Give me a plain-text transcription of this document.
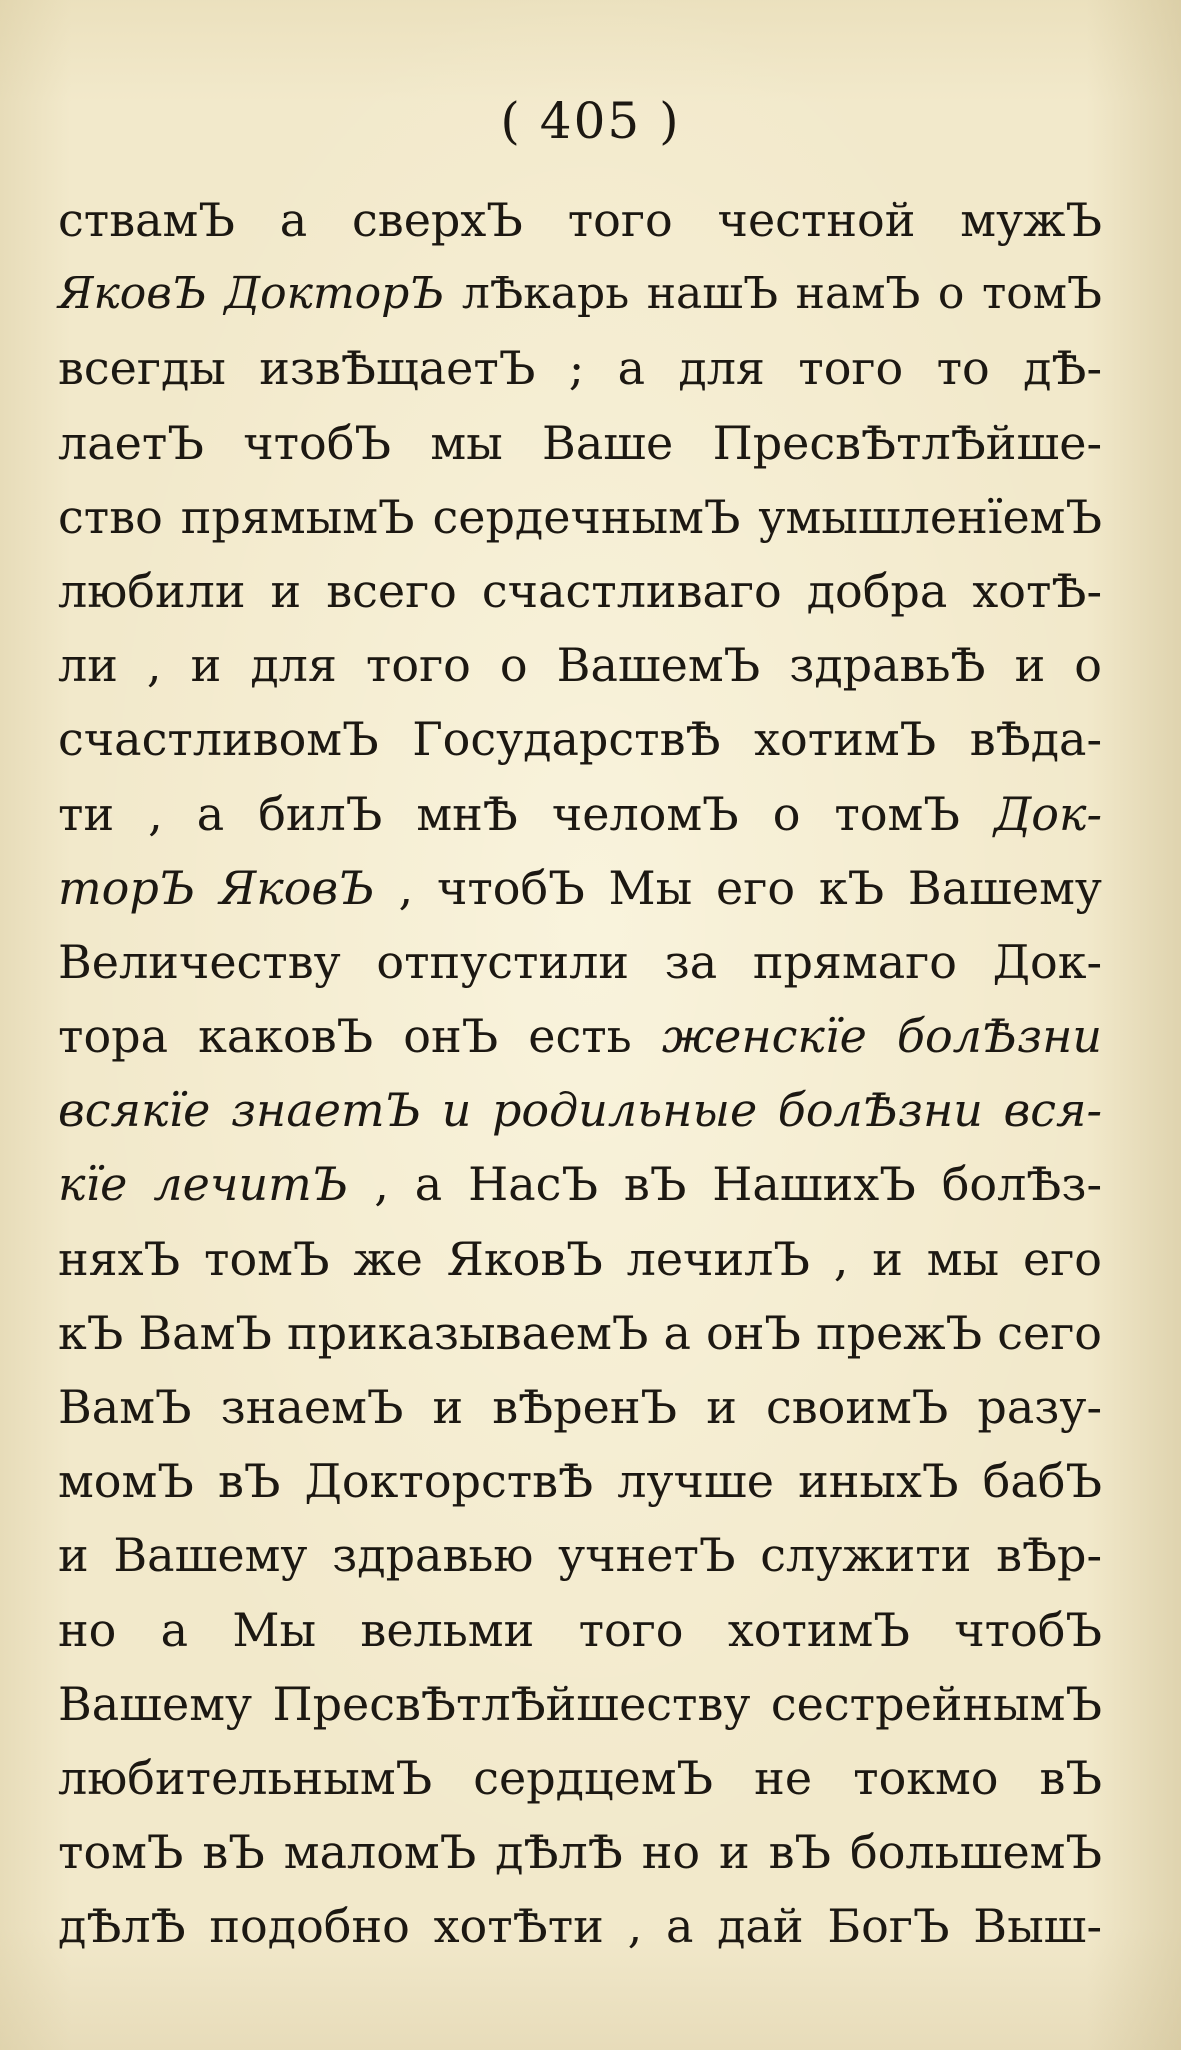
( 405 )
ствамЪ а сверхЪ того честной мужЪ
ЯковЪ ДокторЪ лѢкарь нашЪ намЪ о томЪ
всегды извѢщаетЪ ; а для того то дѢ-
лаетЪ чтобЪ мы Ваше ПресвѢтлѢйше-
ство прямымЪ сердечнымЪ умышленїемЪ
любили и всего счастливаго добра хотѢ-
ли , и для того о ВашемЪ здравьѢ и о
счастливомЪ ГосударствѢ хотимЪ вѢда-
ти , а билЪ мнѢ челомЪ о томЪ Док-
торЪ ЯковЪ , чтобЪ Мы его кЪ Вашему
Величеству отпустили за прямаго Док-
тора каковЪ онЪ есть женскїе болѢзни
всякїе знаетЪ и родильные болѢзни вся-
кїе лечитЪ , а НасЪ вЪ НашихЪ болѢз-
няхЪ томЪ же ЯковЪ лечилЪ , и мы его
кЪ ВамЪ приказываемЪ а онЪ прежЪ сего
ВамЪ знаемЪ и вѢренЪ и своимЪ разу-
момЪ вЪ ДокторствѢ лучше иныхЪ бабЪ
и Вашему здравью учнетЪ служити вѢр-
но а Мы вельми того хотимЪ чтобЪ
Вашему ПресвѢтлѢйшеству сестрейнымЪ
любительнымЪ сердцемЪ не токмо вЪ
томЪ вЪ маломЪ дѢлѢ но и вЪ большемЪ
дѢлѢ подобно хотѢти , а дай БогЪ Выш-
